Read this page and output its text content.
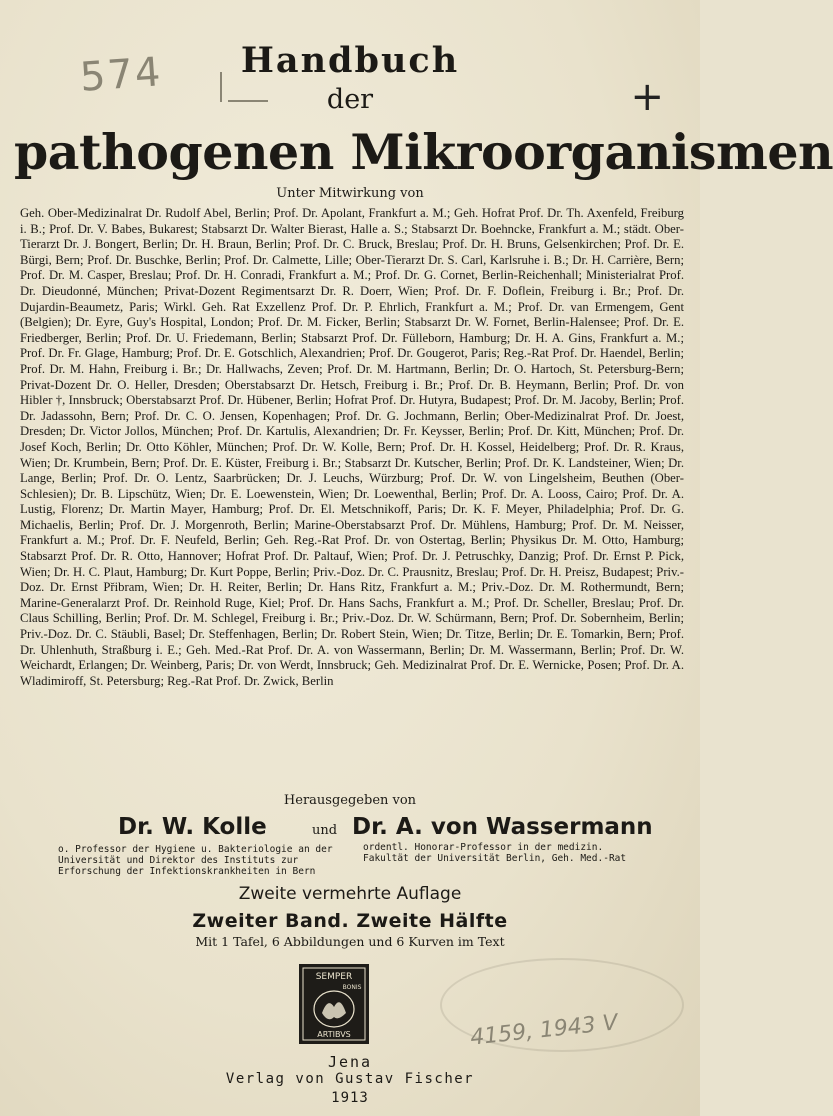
574	+
Handbuch
der
pathogenen Mikroorganismen
Unter Mitwirkung von

Geh. Ober-Medizinalrat Dr. Rudolf Abel, Berlin; Prof. Dr. Apolant, Frankfurt a. M.; Geh. Hofrat Prof. Dr. Th. Axenfeld, Freiburg i. B.; Prof. Dr. V. Babes, Bukarest; Stabsarzt Dr. Walter Bierast, Halle a. S.; Stabsarzt Dr. Boehncke, Frankfurt a. M.; städt. Ober-Tierarzt Dr. J. Bongert, Berlin; Dr. H. Braun, Berlin; Prof. Dr. C. Bruck, Breslau; Prof. Dr. H. Bruns, Gelsenkirchen; Prof. Dr. E. Bürgi, Bern; Prof. Dr. Buschke, Berlin; Prof. Dr. Calmette, Lille; Ober-Tierarzt Dr. S. Carl, Karlsruhe i. B.; Dr. H. Carrière, Bern; Prof. Dr. M. Casper, Breslau; Prof. Dr. H. Conradi, Frankfurt a. M.; Prof. Dr. G. Cornet, Berlin-Reichenhall; Ministerialrat Prof. Dr. Dieudonné, München; Privat-Dozent Regimentsarzt Dr. R. Doerr, Wien; Prof. Dr. F. Doflein, Freiburg i. Br.; Prof. Dr. Dujardin-Beaumetz, Paris; Wirkl. Geh. Rat Exzellenz Prof. Dr. P. Ehrlich, Frankfurt a. M.; Prof. Dr. van Ermengem, Gent (Belgien); Dr. Eyre, Guy's Hospital, London; Prof. Dr. M. Ficker, Berlin; Stabsarzt Dr. W. Fornet, Berlin-Halensee; Prof. Dr. E. Friedberger, Berlin; Prof. Dr. U. Friedemann, Berlin; Stabsarzt Prof. Dr. Fülleborn, Hamburg; Dr. H. A. Gins, Frankfurt a. M.; Prof. Dr. Fr. Glage, Hamburg; Prof. Dr. E. Gotschlich, Alexandrien; Prof. Dr. Gougerot, Paris; Reg.-Rat Prof. Dr. Haendel, Berlin; Prof. Dr. M. Hahn, Freiburg i. Br.; Dr. Hallwachs, Zeven; Prof. Dr. M. Hartmann, Berlin; Dr. O. Hartoch, St. Petersburg-Bern; Privat-Dozent Dr. O. Heller, Dresden; Oberstabsarzt Dr. Hetsch, Freiburg i. Br.; Prof. Dr. B. Heymann, Berlin; Prof. Dr. von Hibler †, Innsbruck; Oberstabsarzt Prof. Dr. Hübener, Berlin; Hofrat Prof. Dr. Hutyra, Budapest; Prof. Dr. M. Jacoby, Berlin; Prof. Dr. Jadassohn, Bern; Prof. Dr. C. O. Jensen, Kopenhagen; Prof. Dr. G. Jochmann, Berlin; Ober-Medizinalrat Prof. Dr. Joest, Dresden; Dr. Victor Jollos, München; Prof. Dr. Kartulis, Alexandrien; Dr. Fr. Keysser, Berlin; Prof. Dr. Kitt, München; Prof. Dr. Josef Koch, Berlin; Dr. Otto Köhler, München; Prof. Dr. W. Kolle, Bern; Prof. Dr. H. Kossel, Heidelberg; Prof. Dr. R. Kraus, Wien; Dr. Krumbein, Bern; Prof. Dr. E. Küster, Freiburg i. Br.; Stabsarzt Dr. Kutscher, Berlin; Prof. Dr. K. Landsteiner, Wien; Dr. Lange, Berlin; Prof. Dr. O. Lentz, Saarbrücken; Dr. J. Leuchs, Würzburg; Prof. Dr. W. von Lingelsheim, Beuthen (Ober-Schlesien); Dr. B. Lipschütz, Wien; Dr. E. Loewenstein, Wien; Dr. Loewenthal, Berlin; Prof. Dr. A. Looss, Cairo; Prof. Dr. A. Lustig, Florenz; Dr. Martin Mayer, Hamburg; Prof. Dr. El. Metschnikoff, Paris; Dr. K. F. Meyer, Philadelphia; Prof. Dr. G. Michaelis, Berlin; Prof. Dr. J. Morgenroth, Berlin; Marine-Oberstabsarzt Prof. Dr. Mühlens, Hamburg; Prof. Dr. M. Neisser, Frankfurt a. M.; Prof. Dr. F. Neufeld, Berlin; Geh. Reg.-Rat Prof. Dr. von Ostertag, Berlin; Physikus Dr. M. Otto, Hamburg; Stabsarzt Prof. Dr. R. Otto, Hannover; Hofrat Prof. Dr. Paltauf, Wien; Prof. Dr. J. Petruschky, Danzig; Prof. Dr. Ernst P. Pick, Wien; Dr. H. C. Plaut, Hamburg; Dr. Kurt Poppe, Berlin; Priv.-Doz. Dr. C. Prausnitz, Breslau; Prof. Dr. H. Preisz, Budapest; Priv.-Doz. Dr. Ernst Přibram, Wien; Dr. H. Reiter, Berlin; Dr. Hans Ritz, Frankfurt a. M.; Priv.-Doz. Dr. M. Rothermundt, Bern; Marine-Generalarzt Prof. Dr. Reinhold Ruge, Kiel; Prof. Dr. Hans Sachs, Frankfurt a. M.; Prof. Dr. Scheller, Breslau; Prof. Dr. Claus Schilling, Berlin; Prof. Dr. M. Schlegel, Freiburg i. Br.; Priv.-Doz. Dr. W. Schürmann, Bern; Prof. Dr. Sobernheim, Berlin; Priv.-Doz. Dr. C. Stäubli, Basel; Dr. Steffenhagen, Berlin; Dr. Robert Stein, Wien; Dr. Titze, Berlin; Dr. E. Tomarkin, Bern; Prof. Dr. Uhlenhuth, Straßburg i. E.; Geh. Med.-Rat Prof. Dr. A. von Wassermann, Berlin; Dr. M. Wassermann, Berlin; Prof. Dr. W. Weichardt, Erlangen; Dr. Weinberg, Paris; Dr. von Werdt, Innsbruck; Geh. Medizinalrat Prof. Dr. E. Wernicke, Posen; Prof. Dr. A. Wladimiroff, St. Petersburg; Reg.-Rat Prof. Dr. Zwick, Berlin

Herausgegeben von
Dr. W. Kolle	und Dr. A. von Wassermann
o. Professor der Hygiene u. Bakteriologie an der Universität und Direktor des Instituts zur Erforschung der Infektionskrankheiten in Bern
ordentl. Honorar-Professor in der medizin. Fakultät der Universität Berlin, Geh. Med.-Rat
Zweite vermehrte Auflage
Zweiter Band. Zweite Hälfte
Mit 1 Tafel, 6 Abbildungen und 6 Kurven im Text
SEMPER
BONIS
ARTIBVS	4159, 1943 V
Jena
Verlag von Gustav Fischer
1913
